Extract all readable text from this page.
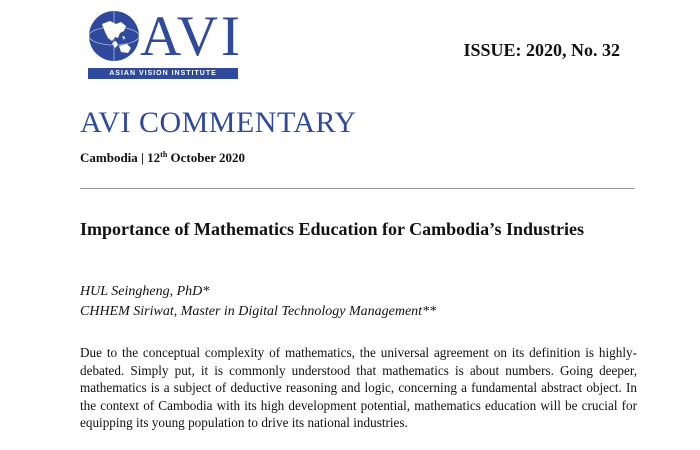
AVI
ASIAN VISION INSTITUTE
ISSUE: 2020, No. 32
AVI COMMENTARY
Cambodia | 12th October 2020
Importance of Mathematics Education for Cambodia’s Industries
HUL Seingheng, PhD*
CHHEM Siriwat, Master in Digital Technology Management**
Due to the conceptual complexity of mathematics, the universal agreement on its definition is highly-debated. Simply put, it is commonly understood that mathematics is about numbers. Going deeper, mathematics is a subject of deductive reasoning and logic, concerning a fundamental abstract object. In the context of Cambodia with its high development potential, mathematics education will be crucial for equipping its young population to drive its national industries.
